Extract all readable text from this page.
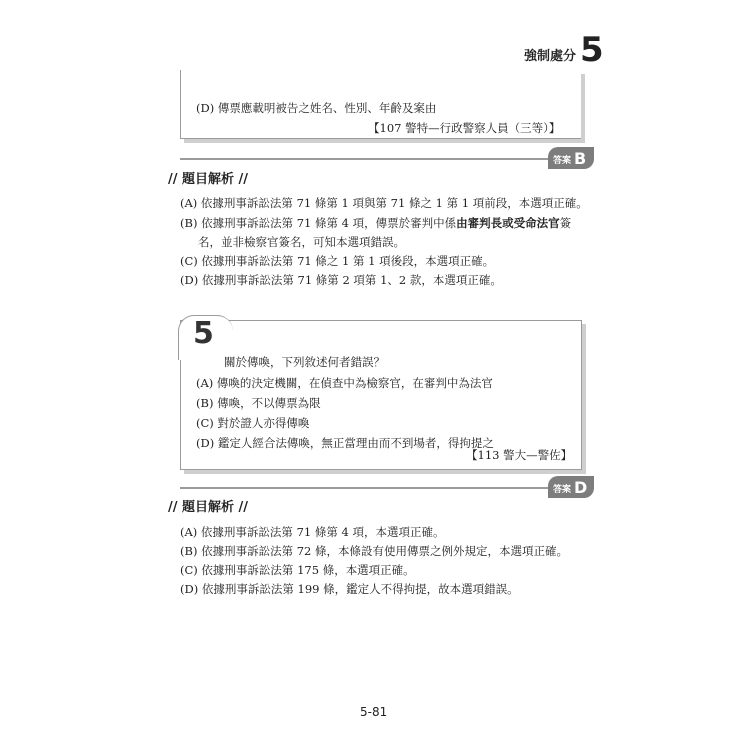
強制處分 5
(D) 傳票應載明被告之姓名、性別、年齡及案由
【107 警特—行政警察人員（三等）】
答案 B
// 題目解析 //
(A) 依據刑事訴訟法第 71 條第 1 項與第 71 條之 1 第 1 項前段，本選項正確。
(B) 依據刑事訴訟法第 71 條第 4 項，傳票於審判中係由審判長或受命法官簽
名，並非檢察官簽名，可知本選項錯誤。
(C) 依據刑事訴訟法第 71 條之 1 第 1 項後段，本選項正確。
(D) 依據刑事訴訟法第 71 條第 2 項第 1、2 款，本選項正確。
5
關於傳喚，下列敘述何者錯誤？
(A) 傳喚的決定機關，在偵查中為檢察官，在審判中為法官
(B) 傳喚，不以傳票為限
(C) 對於證人亦得傳喚
(D) 鑑定人經合法傳喚，無正當理由而不到場者，得拘提之
【113 警大—警佐】
答案 D
// 題目解析 //
(A) 依據刑事訴訟法第 71 條第 4 項，本選項正確。
(B) 依據刑事訴訟法第 72 條，本條設有使用傳票之例外規定，本選項正確。
(C) 依據刑事訴訟法第 175 條，本選項正確。
(D) 依據刑事訴訟法第 199 條，鑑定人不得拘提，故本選項錯誤。
5-81
